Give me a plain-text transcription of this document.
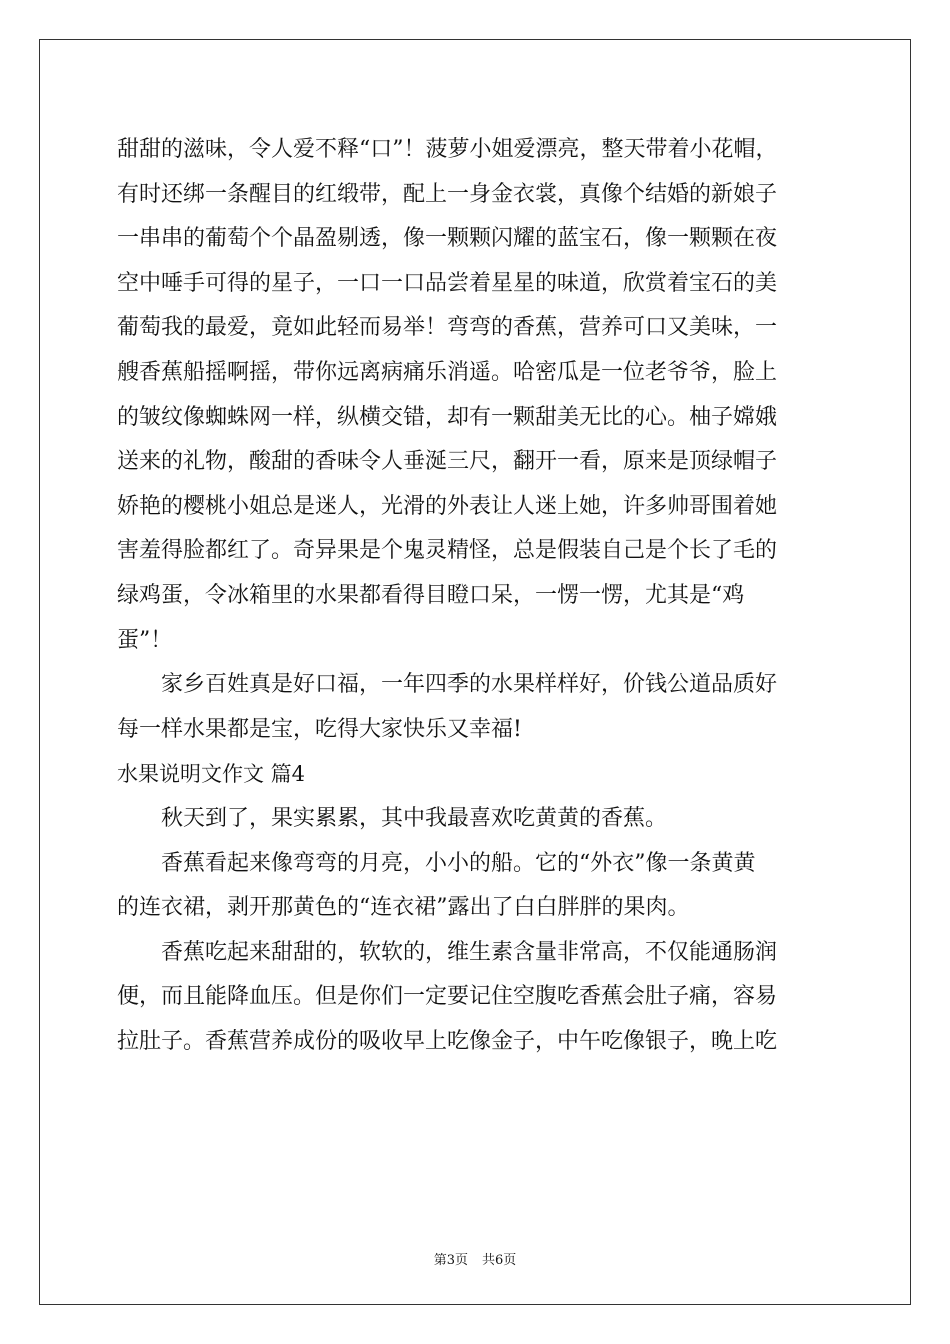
甜甜的滋味，令人爱不释“口”！菠萝小姐爱漂亮，整天带着小花帽，
有时还绑一条醒目的红缎带，配上一身金衣裳，真像个结婚的新娘子
一串串的葡萄个个晶盈剔透，像一颗颗闪耀的蓝宝石，像一颗颗在夜
空中唾手可得的星子，一口一口品尝着星星的味道，欣赏着宝石的美
葡萄我的最爱，竟如此轻而易举！弯弯的香蕉，营养可口又美味，一
艘香蕉船摇啊摇，带你远离病痛乐消遥。哈密瓜是一位老爷爷，脸上
的皱纹像蜘蛛网一样，纵横交错，却有一颗甜美无比的心。柚子嫦娥
送来的礼物，酸甜的香味令人垂涎三尺，翻开一看，原来是顶绿帽子
娇艳的樱桃小姐总是迷人，光滑的外表让人迷上她，许多帅哥围着她
害羞得脸都红了。奇异果是个鬼灵精怪，总是假装自己是个长了毛的
绿鸡蛋，令冰箱里的水果都看得目瞪口呆，一愣一愣，尤其是“鸡
蛋”！
家乡百姓真是好口福，一年四季的水果样样好，价钱公道品质好
每一样水果都是宝，吃得大家快乐又幸福!
水果说明文作文 篇4
秋天到了，果实累累，其中我最喜欢吃黄黄的香蕉。
香蕉看起来像弯弯的月亮，小小的船。它的“外衣”像一条黄黄
的连衣裙，剥开那黄色的“连衣裙”露出了白白胖胖的果肉。
香蕉吃起来甜甜的，软软的，维生素含量非常高，不仅能通肠润
便，而且能降血压。但是你们一定要记住空腹吃香蕉会肚子痛，容易
拉肚子。香蕉营养成份的吸收早上吃像金子，中午吃像银子，晚上吃
第3页 共6页
